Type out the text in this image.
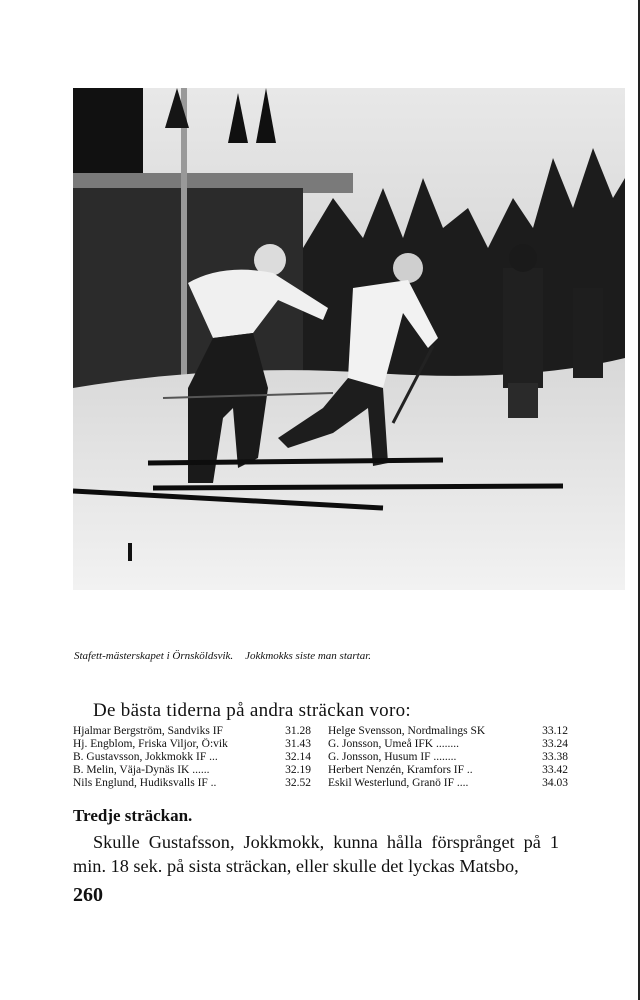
Stafett-mästerskapet i Örnsköldsvik. Jokkmokks siste man startar.
De bästa tiderna på andra sträckan voro:
Hjalmar Bergström, Sandviks IF	31.28
Hj. Engblom, Friska Viljor, Ö:vik	31.43
B. Gustavsson, Jokkmokk IF ...	32.14
B. Melin, Väja-Dynäs IK ......	32.19
Nils Englund, Hudiksvalls IF ..	32.52
Helge Svensson, Nordmalings SK	33.12
G. Jonsson, Umeå IFK ........	33.24
G. Jonsson, Husum IF ........	33.38
Herbert Nenzén, Kramfors IF ..	33.42
Eskil Westerlund, Granö IF ....	34.03
Tredje sträckan.
Skulle Gustafsson, Jokkmokk, kunna hålla försprånget på 1 min. 18 sek. på sista sträckan, eller skulle det lyckas Matsbo,
260
